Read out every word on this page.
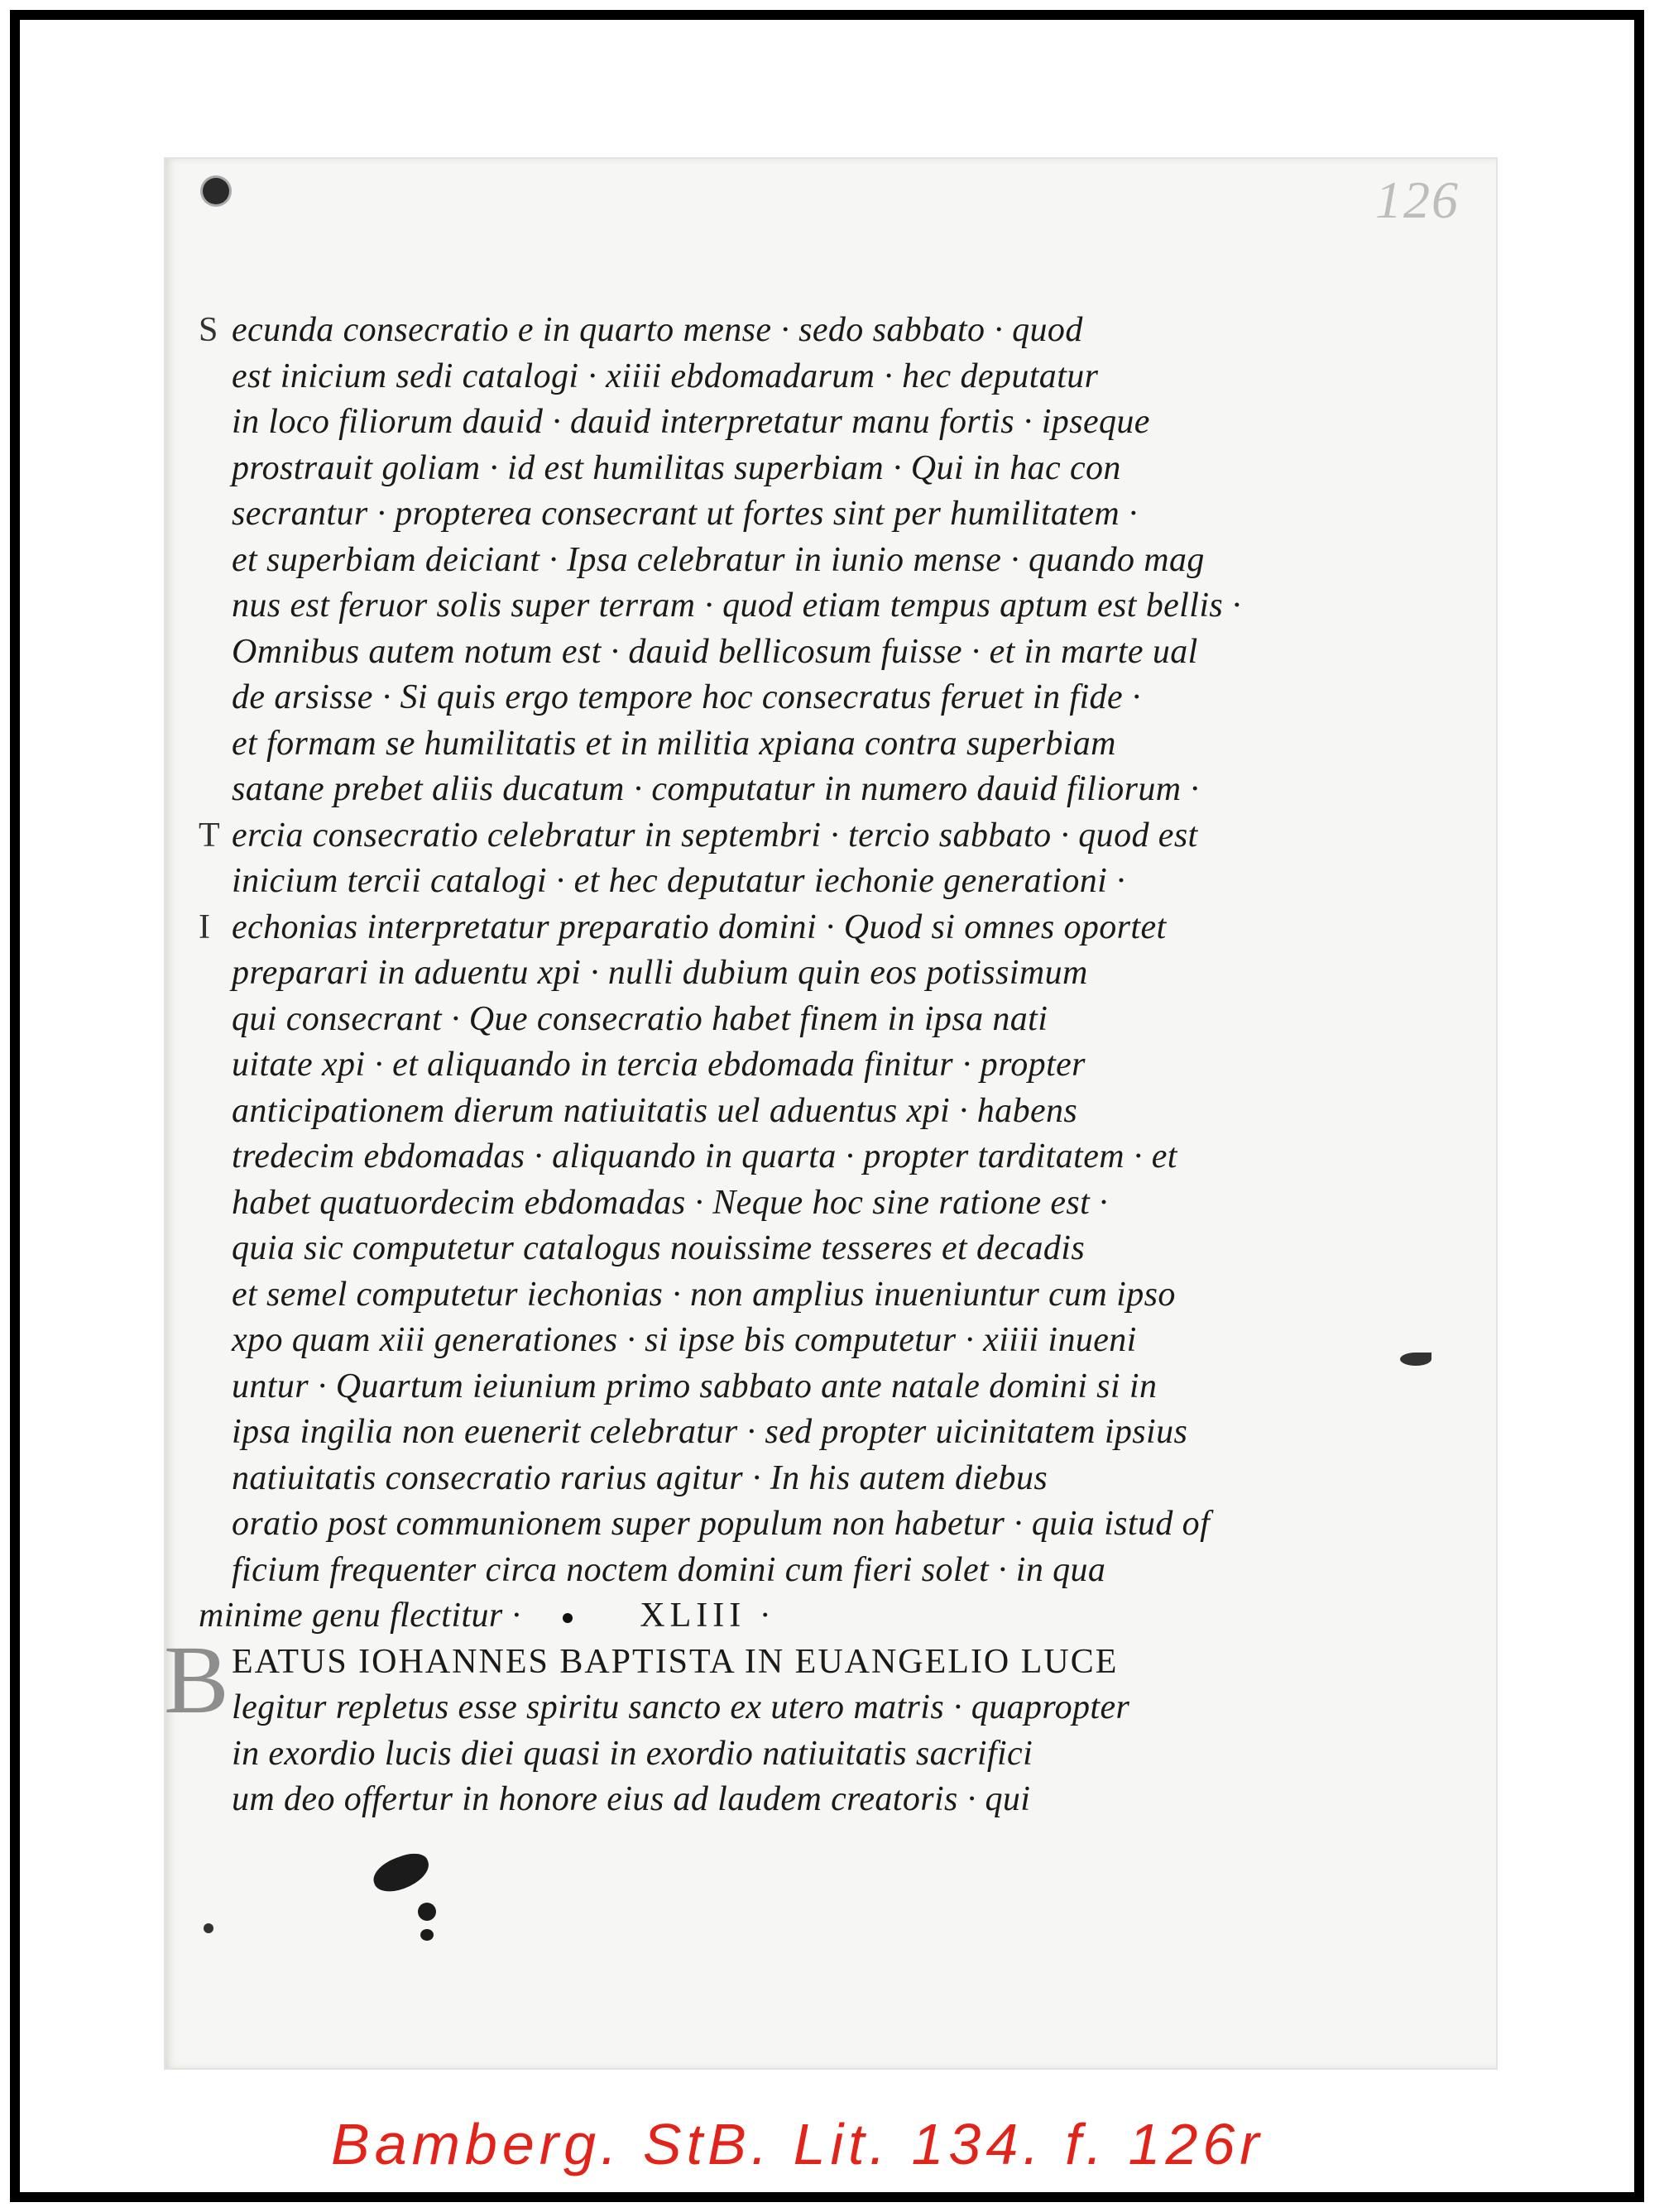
126
S ecunda consecratio e in quarto mense · sedo sabbato · quod
est inicium sedi catalogi · xiiii ebdomadarum · hec deputatur
in loco filiorum dauid · dauid interpretatur manu fortis · ipseque
prostrauit goliam · id est humilitas superbiam · Qui in hac con
secrantur · propterea consecrant ut fortes sint per humilitatem ·
et superbiam deiciant · Ipsa celebratur in iunio mense · quando mag
nus est feruor solis super terram · quod etiam tempus aptum est bellis ·
Omnibus autem notum est · dauid bellicosum fuisse · et in marte ual
de arsisse · Si quis ergo tempore hoc consecratus feruet in fide ·
et formam se humilitatis et in militia xpiana contra superbiam
satane prebet aliis ducatum · computatur in numero dauid filiorum ·
T ercia consecratio celebratur in septembri · tercio sabbato · quod est
inicium tercii catalogi · et hec deputatur iechonie generationi ·
I echonias interpretatur preparatio domini · Quod si omnes oportet
preparari in aduentu xpi · nulli dubium quin eos potissimum
qui consecrant · Que consecratio habet finem in ipsa nati
uitate xpi · et aliquando in tercia ebdomada finitur · propter
anticipationem dierum natiuitatis uel aduentus xpi · habens
tredecim ebdomadas · aliquando in quarta · propter tarditatem · et
habet quatuordecim ebdomadas · Neque hoc sine ratione est ·
quia sic computetur catalogus nouissime tesseres et decadis
et semel computetur iechonias · non amplius inueniuntur cum ipso
xpo quam xiii generationes · si ipse bis computetur · xiiii inueni
untur · Quartum ieiunium primo sabbato ante natale domini si in
ipsa ingilia non euenerit celebratur · sed propter uicinitatem ipsius
natiuitatis consecratio rarius agitur · In his autem diebus
oratio post communionem super populum non habetur · quia istud of
ficium frequenter circa noctem domini cum fieri solet · in qua
minime genu flectitur ·	XLIII ·
EATUS IOHANNES BAPTISTA IN EUANGELIO LUCE
legitur repletus esse spiritu sancto ex utero matris · quapropter
in exordio lucis diei quasi in exordio natiuitatis sacrifici
um deo offertur in honore eius ad laudem creatoris · qui
B
Bamberg. StB. Lit. 134. f. 126r
